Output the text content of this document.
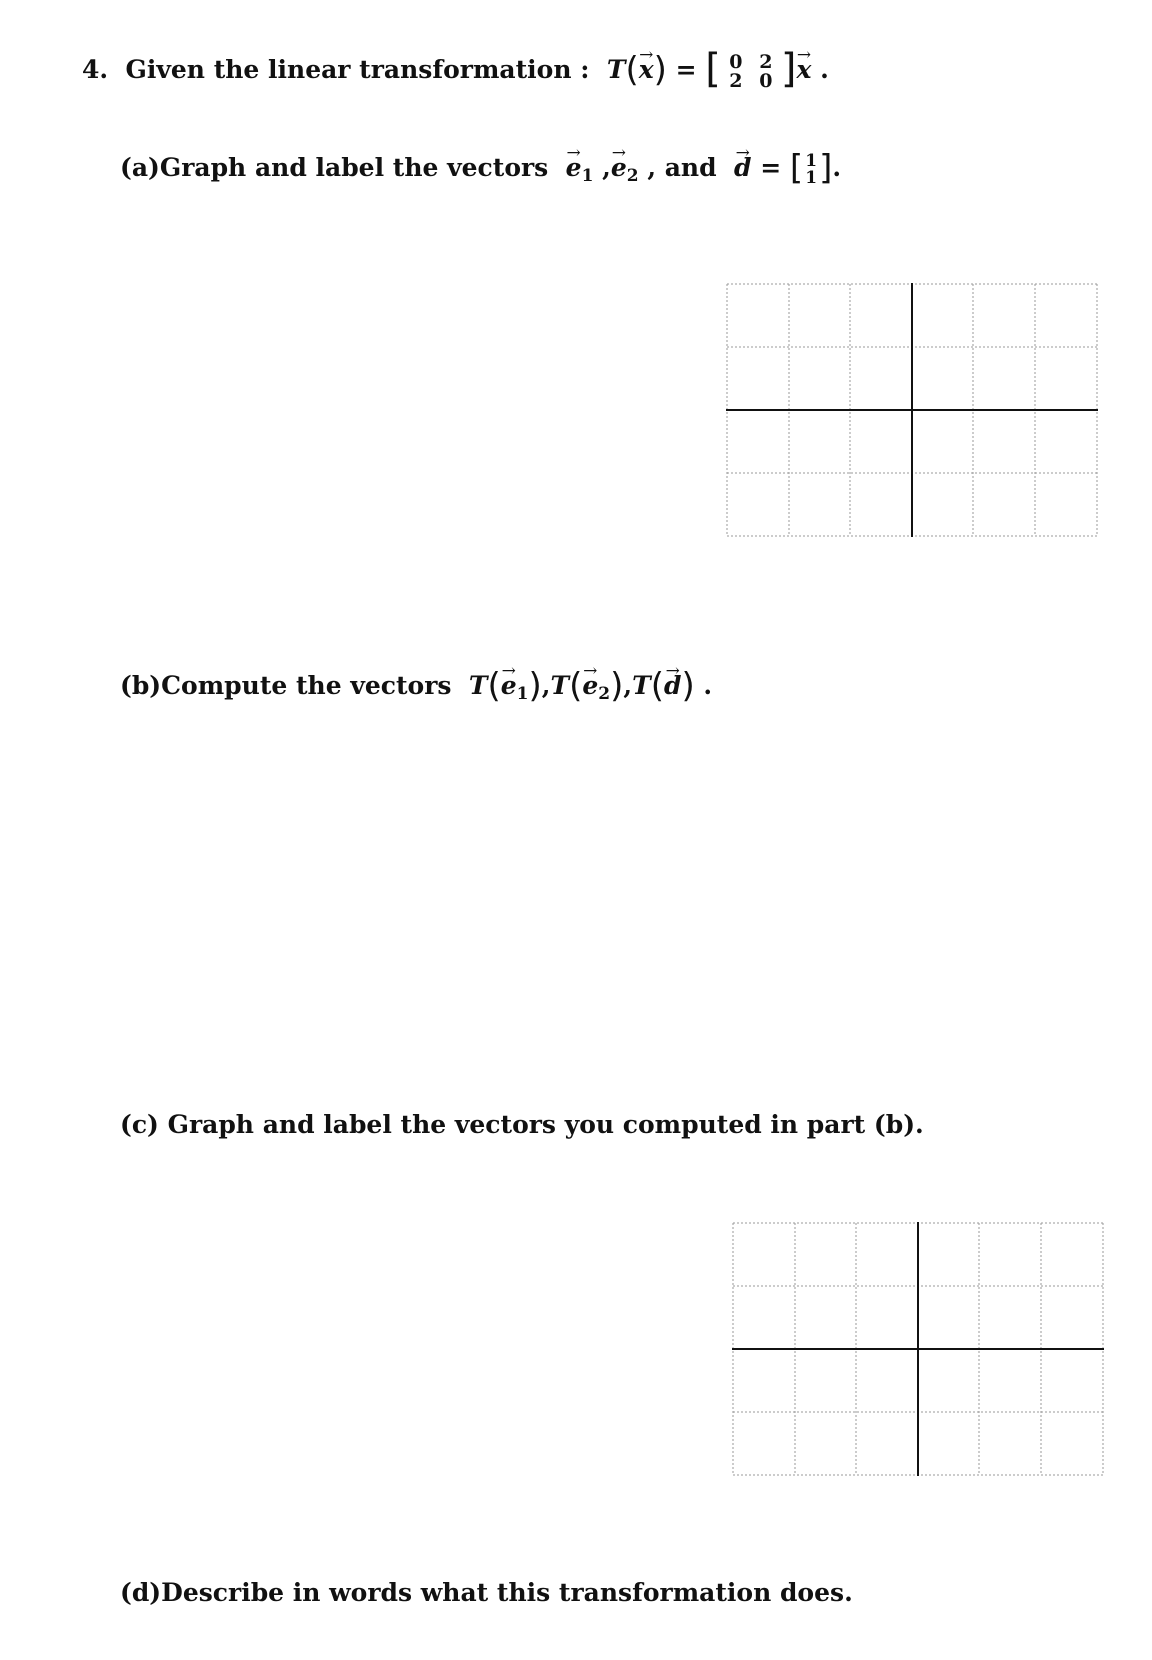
4. Given the linear transformation : T(→ x) = [ 0 2
2 0 ]→ x .
(a)Graph and label the vectors → $e_1$ ,→ $e_2$ , and → d = [ 1
1 ].
(b)Compute the vectors $T(\to e_1),T(\to e_2),T(\to d)$ .
(c) Graph and label the vectors you computed in part (b).
(d)Describe in words what this transformation does.
